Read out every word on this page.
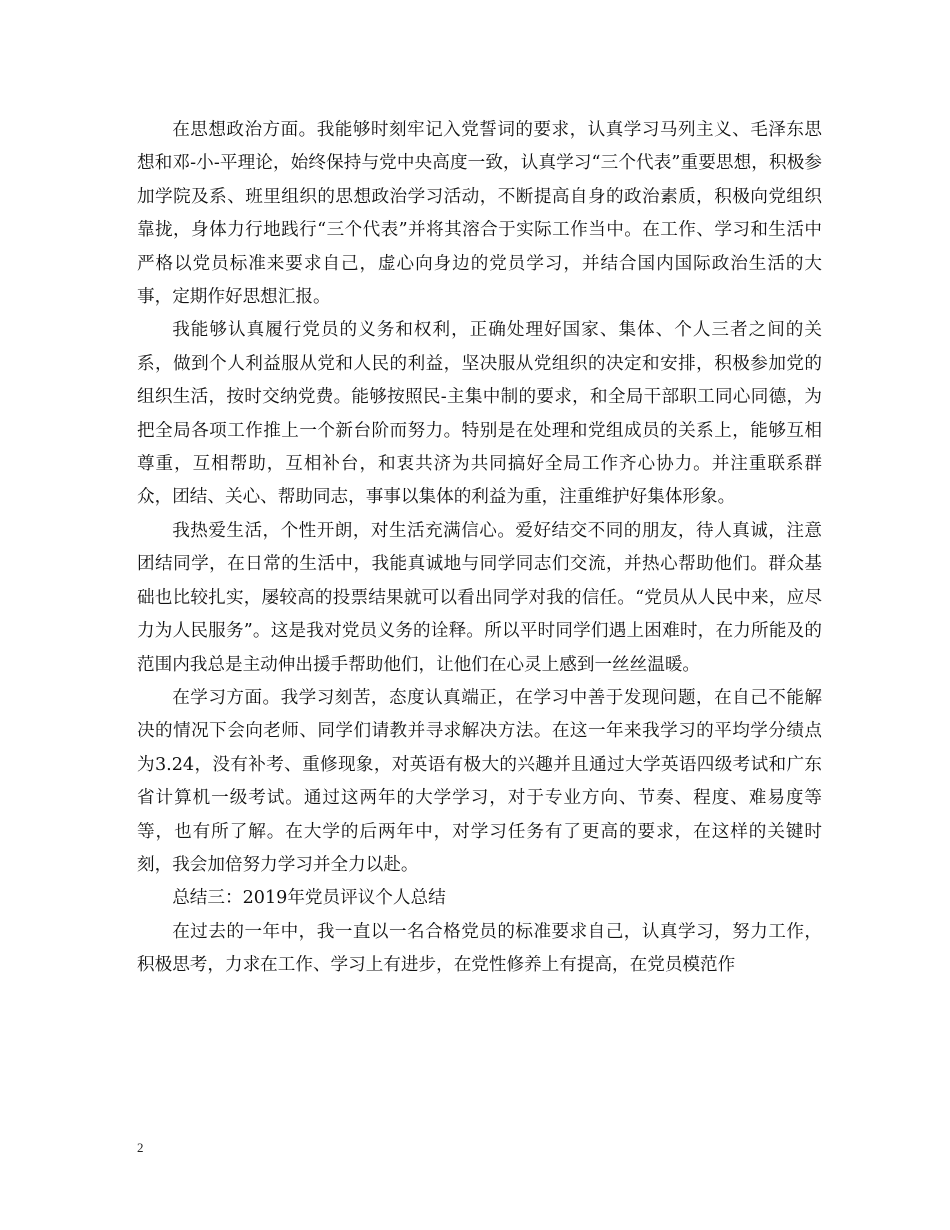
在思想政治方面。我能够时刻牢记入党誓词的要求，认真学习马列主义、毛泽东思想和邓-小-平理论，始终保持与党中央高度一致，认真学习“三个代表”重要思想，积极参加学院及系、班里组织的思想政治学习活动，不断提高自身的政治素质，积极向党组织靠拢，身体力行地践行“三个代表”并将其溶合于实际工作当中。在工作、学习和生活中严格以党员标准来要求自己，虚心向身边的党员学习，并结合国内国际政治生活的大事，定期作好思想汇报。

我能够认真履行党员的义务和权利，正确处理好国家、集体、个人三者之间的关系，做到个人利益服从党和人民的利益，坚决服从党组织的决定和安排，积极参加党的组织生活，按时交纳党费。能够按照民-主集中制的要求，和全局干部职工同心同德，为把全局各项工作推上一个新台阶而努力。特别是在处理和党组成员的关系上，能够互相尊重，互相帮助，互相补台，和衷共济为共同搞好全局工作齐心协力。并注重联系群众，团结、关心、帮助同志，事事以集体的利益为重，注重维护好集体形象。

我热爱生活，个性开朗，对生活充满信心。爱好结交不同的朋友，待人真诚，注意团结同学，在日常的生活中，我能真诚地与同学同志们交流，并热心帮助他们。群众基础也比较扎实，屡较高的投票结果就可以看出同学对我的信任。“党员从人民中来，应尽力为人民服务”。这是我对党员义务的诠释。所以平时同学们遇上困难时，在力所能及的范围内我总是主动伸出援手帮助他们，让他们在心灵上感到一丝丝温暖。

在学习方面。我学习刻苦，态度认真端正，在学习中善于发现问题，在自己不能解决的情况下会向老师、同学们请教并寻求解决方法。在这一年来我学习的平均学分绩点为3.24，没有补考、重修现象，对英语有极大的兴趣并且通过大学英语四级考试和广东省计算机一级考试。通过这两年的大学学习，对于专业方向、节奏、程度、难易度等等，也有所了解。在大学的后两年中，对学习任务有了更高的要求，在这样的关键时刻，我会加倍努力学习并全力以赴。

总结三：2019年党员评议个人总结

在过去的一年中，我一直以一名合格党员的标准要求自己，认真学习，努力工作，积极思考，力求在工作、学习上有进步，在党性修养上有提高，在党员模范作

2
